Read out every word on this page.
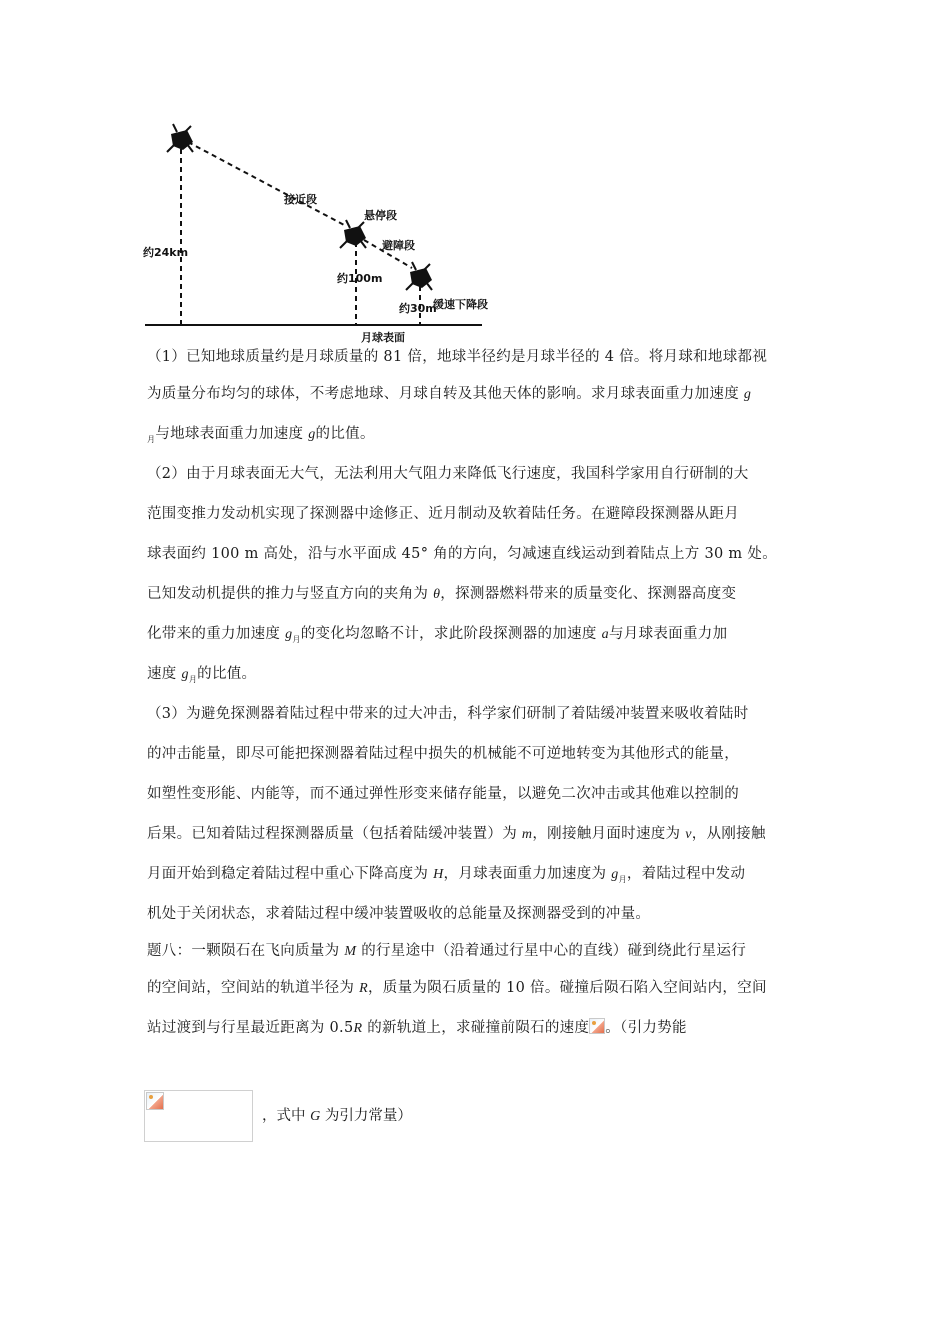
接近段
悬停段
避障段
约24km
约100m
约30m
缓速下降段
月球表面
（1）已知地球质量约是月球质量的 81 倍，地球半径约是月球半径的 4 倍。将月球和地球都视
为质量分布均匀的球体，不考虑地球、月球自转及其他天体的影响。求月球表面重力加速度 g
$_月$与地球表面重力加速度 g的比值。
（2）由于月球表面无大气，无法利用大气阻力来降低飞行速度，我国科学家用自行研制的大
范围变推力发动机实现了探测器中途修正、近月制动及软着陆任务。在避障段探测器从距月
球表面约 100 m 高处，沿与水平面成 45° 角的方向，匀减速直线运动到着陆点上方 30 m 处。
已知发动机提供的推力与竖直方向的夹角为 θ，探测器燃料带来的质量变化、探测器高度变
化带来的重力加速度 $g_月$的变化均忽略不计，求此阶段探测器的加速度 a与月球表面重力加
速度 $g_月$的比值。
（3）为避免探测器着陆过程中带来的过大冲击，科学家们研制了着陆缓冲装置来吸收着陆时
的冲击能量，即尽可能把探测器着陆过程中损失的机械能不可逆地转变为其他形式的能量，
如塑性变形能、内能等，而不通过弹性形变来储存能量，以避免二次冲击或其他难以控制的
后果。已知着陆过程探测器质量（包括着陆缓冲装置）为 m，刚接触月面时速度为 v，从刚接触
月面开始到稳定着陆过程中重心下降高度为 H，月球表面重力加速度为 $g_月$，着陆过程中发动
机处于关闭状态，求着陆过程中缓冲装置吸收的总能量及探测器受到的冲量。
题八：一颗陨石在飞向质量为 M 的行星途中（沿着通过行星中心的直线）碰到绕此行星运行
的空间站，空间站的轨道半径为 R，质量为陨石质量的 10 倍。碰撞后陨石陷入空间站内，空间
站过渡到与行星最近距离为 0.5R 的新轨道上，求碰撞前陨石的速度 。（引力势能
，式中 G 为引力常量）
